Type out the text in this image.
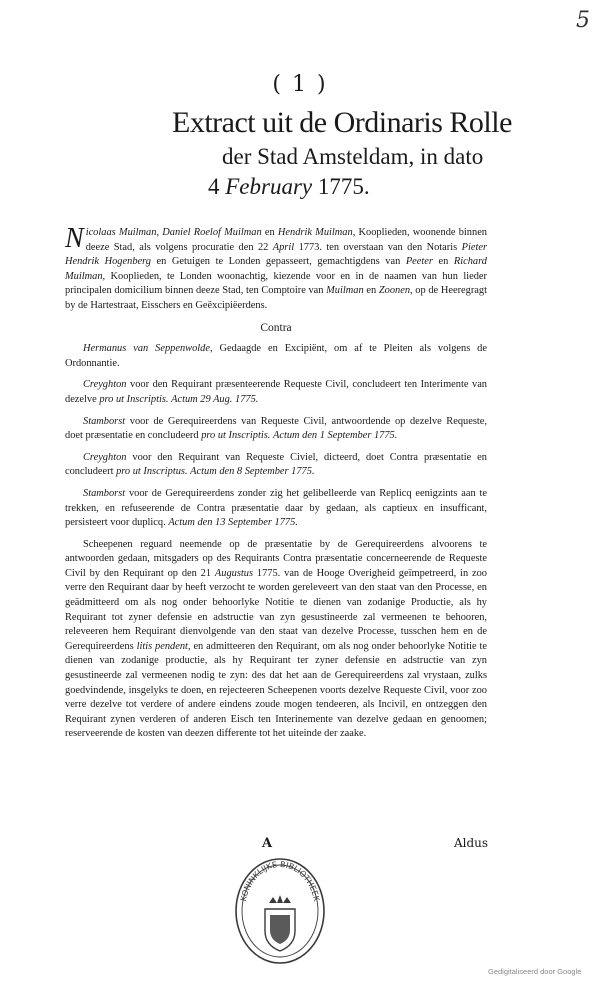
5
( 1 )
Extract uit de Ordinaris Rolle
der Stad Amsteldam, in dato
4 February 1775.

Nicolaas Muilman, Daniel Roelof Muilman en Hendrik Muilman, Kooplieden, woonende binnen deeze Stad, als volgens procuratie den 22 April 1773. ten overstaan van den Notaris Pieter Hendrik Hogenberg en Getuigen te Londen gepasseert, gemachtigdens van Peeter en Richard Muilman, Kooplieden, te Londen woonachtig, kiezende voor en in de naamen van hun lieder principalen domicilium binnen deeze Stad, ten Comptoire van Muilman en Zoonen, op de Heeregragt by de Hartestraat, Eisschers en Geëxcipiëerdens.

Contra

Hermanus van Seppenwolde, Gedaagde en Excipiënt, om af te Pleiten als volgens de Ordonnantie.

Creyghton voor den Requirant præsenteerende Requeste Civil, concludeert ten Interimente van dezelve pro ut Inscriptis. Actum 29 Aug. 1775.

Stamborst voor de Gerequireerdens van Requeste Civil, antwoordende op dezelve Requeste, doet præsentatie en concludeerd pro ut Inscriptis. Actum den 1 September 1775.

Creyghton voor den Requirant van Requeste Civiel, dicteerd, doet Contra præsentatie en concludeert pro ut Inscriptus. Actum den 8 September 1775.

Stamborst voor de Gerequireerdens zonder zig het gelibelleerde van Replicq eenigzints aan te trekken, en refuseerende de Contra præsentatie daar by gedaan, als captieux en insufficant, persisteert voor duplicq. Actum den 13 September 1775.

Scheepenen reguard neemende op de præsentatie by de Gerequireerdens alvoorens te antwoorden gedaan, mitsgaders op des Requirants Contra præsentatie concerneerende de Requeste Civil by den Requirant op den 21 Augustus 1775. van de Hooge Overigheid geïmpetreerd, in zoo verre den Requirant daar by heeft verzocht te worden gereleveert van den staat van den Processe, en geädmitteerd om als nog onder behoorlyke Notitie te dienen van zodanige Productie, als hy Requirant tot zyner defensie en adstructie van zyn gesustineerde zal vermeenen te behooren, releveeren hem Requirant dienvolgende van den staat van dezelve Processe, tusschen hem en de Gerequireerdens litis pendent, en admitteeren den Requirant, om als nog onder behoorlyke Notitie te dienen van zodanige productie, als hy Requirant ter zyner defensie en adstructie van zyn gesustineerde zal vermeenen nodig te zyn: des dat het aan de Gerequireerdens zal vrystaan, zulks goedvindende, insgelyks te doen, en rejecteeren Scheepenen voorts dezelve Requeste Civil, voor zoo verre dezelve tot verdere of andere eindens zoude mogen tendeeren, als Incivil, en ontzeggen den Requirant zynen verderen of anderen Eisch ten Interinemente van dezelve gedaan en genoomen; reserveerende de kosten van deezen differente tot het uiteinde der zaake.

A	Aldus
KONINKLIJKE BIBLIOTHEEK
Gedigitaliseerd door Google
